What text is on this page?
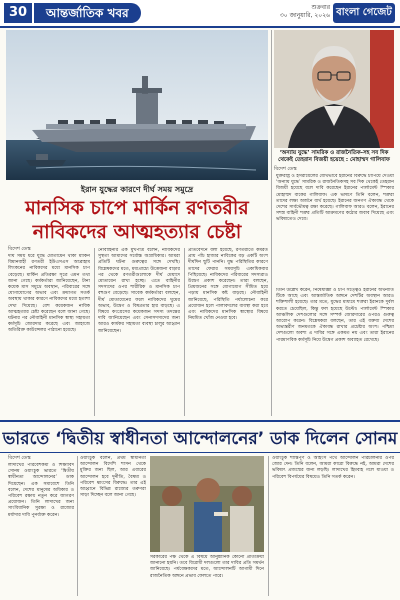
30	আন্তর্জাতিক খবর	শুক্রবার
৩০ জানুয়ারি, ২০২৬ বাংলা গেজেট
‘অন্যায় যুদ্ধে’ সামরিক ও রাজনৈতিক-সহ সব দিক থেকেই তেহরান বিজয়ী হয়েছে : মোহাম্মদ গালিবাফ
বিদেশ ডেস্ক
ইরান যুদ্ধের কারণে দীর্ঘ সময় সমুদ্রে
মানসিক চাপে মার্কিন রণতরীর
নাবিকদের আত্মহত্যার চেষ্টা
বিদেশ ডেস্ক
দীর্ঘ সময় ধরে যুদ্ধে মোতায়েন থাকা মার্কিন বিমানবাহী রণতরী ইউএসএস আব্রাহাম লিংকনের নাবিকদের মধ্যে মানসিক চাপ বেড়েছে। মার্কিন প্রতিরক্ষা সূত্রে এমন তথ্য জানা গেছে। কর্মকর্তারা জানিয়েছেন, টানা কয়েক মাস সমুদ্রে অবস্থান, পরিবারের সঙ্গে যোগাযোগের অভাব এবং ক্রমাগত সতর্ক অবস্থায় থাকার কারণে নাবিকদের মধ্যে হতাশা দেখা দিয়েছে। বেশ কয়েকজন নাবিক আত্মহত্যার চেষ্টা করেছেন বলে জানা গেছে। ঘটনার পর নৌবাহিনী মানসিক স্বাস্থ্য সহায়তা কর্মসূচি জোরদার করেছে এবং জাহাজে অতিরিক্ত কাউন্সেলর পাঠানো হয়েছে।
নৌবাহিনীর এক মুখপাত্র বলেন, নাবিকদের সুস্থতা আমাদের সর্বোচ্চ অগ্রাধিকার। আমরা প্রতিটি ঘটনা গুরুত্বের সঙ্গে দেখছি। বিশ্লেষকদের মতে, মধ্যপ্রাচ্যে উত্তেজনা বাড়ার পর থেকে রণতরীগুলোকে দীর্ঘ মেয়াদে মোতায়েন রাখা হচ্ছে। এতে বাহিনীর সদস্যদের ওপর শারীরিক ও মানসিক চাপ বহুগুণ বেড়েছে। সাবেক কর্মকর্তারা বলছেন, দীর্ঘ মোতায়েনের ফলে নাবিকদের ঘুমের অভাব, উদ্বেগ ও বিষণ্ণতার হার বাড়ছে। এ বিষয়ে কংগ্রেসের কয়েকজন সদস্য তদন্তের দাবি জানিয়েছেন এবং সেনাসদস্যদের জন্য আরও কার্যকর সহায়তা ব্যবস্থা চালুর আহ্বান জানিয়েছেন।
প্রতিবেদনে বলা হয়েছে, রণতরীতে কর্মরত প্রায় পাঁচ হাজার নাবিকের বড় একটি অংশ দীর্ঘদিন ছুটি পাননি। যুদ্ধ পরিস্থিতির কারণে তাদের ফেরার সময়সূচি একাধিকবার পিছিয়েছে। নাবিকদের পরিবারের সদস্যরাও উদ্বেগ প্রকাশ করেছেন। তারা বলছেন, প্রিয়জনের সঙ্গে যোগাযোগ সীমিত হয়ে পড়ায় মানসিক কষ্ট বাড়ছে। নৌবাহিনী জানিয়েছে, পরিস্থিতি পর্যালোচনা করে প্রয়োজন হলে পালাবদলের ব্যবস্থা করা হবে এবং নাবিকদের মানসিক স্বাস্থ্যের বিষয়ে নিয়মিত খোঁজ নেওয়া হবে।
যুক্তরাষ্ট্র ও ইসরায়েলের যৌথভাবে ইরানের বিরুদ্ধে চাপিয়ে দেওয়া ‘অন্যায় যুদ্ধে’ সামরিক ও রাজনৈতিকসহ সব দিক থেকেই তেহরান বিজয়ী হয়েছে বলে দাবি করেছেন ইরানের পার্লামেন্ট স্পিকার মোহাম্মদ বাকের গালিবাফ। এক ভাষণে তিনি বলেন, শত্রুরা তাদের লক্ষ্য অর্জনে ব্যর্থ হয়েছে। ইরানের জনগণ ঐক্যবদ্ধ থেকে দেশের সার্বভৌমত্ব রক্ষা করেছে। গালিবাফ আরও বলেন, ইরানের সশস্ত্র বাহিনী শত্রুর প্রতিটি আক্রমণের কঠোর জবাব দিয়েছে এবং ভবিষ্যতেও দেবে।
তিনি উল্লেখ করেন, নিষেধাজ্ঞা ও চাপ সত্ত্বেও ইরানের অর্থনীতি টিকে আছে এবং আন্তর্জাতিক অঙ্গনে দেশটির অবস্থান আরও শক্তিশালী হয়েছে। তার মতে, যুদ্ধের মাধ্যমে শত্রুরা ইরানকে দুর্বল করতে চেয়েছিল, কিন্তু ফল হয়েছে উল্টো। পার্লামেন্ট স্পিকার আঞ্চলিক দেশগুলোর সঙ্গে সম্পর্ক জোরদারের ওপরও গুরুত্ব আরোপ করেন। বিশ্লেষকরা বলছেন, তার এই বক্তব্য দেশের অভ্যন্তরীণ জনমতকে ঐক্যবদ্ধ রাখার প্রচেষ্টার অংশ। পশ্চিমা দেশগুলো অবশ্য এ দাবির সঙ্গে একমত নয় এবং তারা ইরানের পারমাণবিক কর্মসূচি নিয়ে উদ্বেগ প্রকাশ অব্যাহত রেখেছে।
ভারতে ‘দ্বিতীয় স্বাধীনতা আন্দোলনের’ ডাক দিলেন সোনম
বিদেশ ডেস্ক
লাদাখের পরিবেশকর্মী ও শিক্ষাবিদ সোনম ওয়াংচুক ভারতে ‘দ্বিতীয় স্বাধীনতা আন্দোলনের’ ডাক দিয়েছেন। এক সমাবেশে তিনি বলেন, দেশের মানুষের অধিকার ও পরিবেশ রক্ষায় নতুন করে জাগরণ প্রয়োজন। তিনি লাদাখের জন্য সাংবিধানিক সুরক্ষা ও রাজ্যের মর্যাদার দাবি পুনর্ব্যক্ত করেন।
ওয়াংচুক বলেন, প্রথম স্বাধীনতা আন্দোলন বিদেশি শাসন থেকে মুক্তির জন্য ছিল, আর এবারের আন্দোলন হবে দুর্নীতি, বৈষম্য ও পরিবেশ ধ্বংসের বিরুদ্ধে। তার এই আহ্বানে বিভিন্ন রাজ্যের তরুণরা সাড়া দিচ্ছেন বলে জানা গেছে।
সরকারের পক্ষ থেকে এ বিষয়ে আনুষ্ঠানিক কোনো প্রতিক্রিয়া জানানো হয়নি। তবে বিরোধী দলগুলো তার দাবির প্রতি সমর্থন জানিয়েছে। পর্যবেক্ষকদের মতে, আন্দোলনটি আগামী দিনে রাজনৈতিক অঙ্গনে প্রভাব ফেলতে পারে।
ওয়াংচুক শান্তিপূর্ণ ও অহিংস পথে আন্দোলন পরিচালনার ওপর জোর দেন। তিনি বলেন, আমরা কারো বিরুদ্ধে নই, আমরা দেশের ভবিষ্যৎ প্রজন্মের জন্য লড়ছি। লাদাখের হিমবাহ গলে যাওয়া ও পরিবেশ বিপর্যয়ের বিষয়েও তিনি সতর্ক করেন।
